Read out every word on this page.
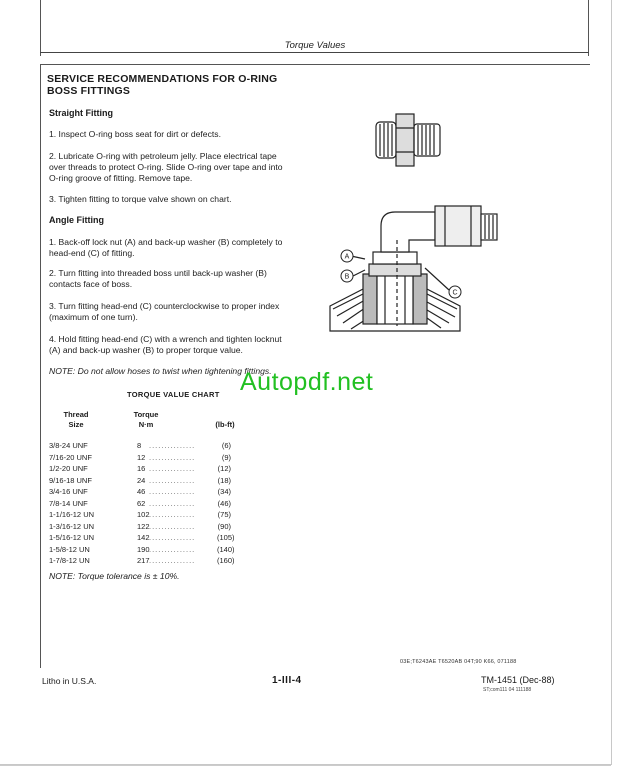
Torque Values
SERVICE RECOMMENDATIONS FOR O-RING BOSS FITTINGS
Straight Fitting
1. Inspect O-ring boss seat for dirt or defects.
2. Lubricate O-ring with petroleum jelly. Place electrical tape over threads to protect O-ring. Slide O-ring over tape and into O-ring groove of fitting. Remove tape.
3. Tighten fitting to torque valve shown on chart.
Angle Fitting
1. Back-off lock nut (A) and back-up washer (B) completely to head-end (C) of fitting.
2. Turn fitting into threaded boss until back-up washer (B) contacts face of boss.
3. Turn fitting head-end (C) counterclockwise to proper index (maximum of one turn).
4. Hold fitting head-end (C) with a wrench and tighten locknut (A) and back-up washer (B) to proper torque value.
NOTE: Do not allow hoses to twist when tightening fittings.
A
B
C
Autopdf.net
TORQUE VALUE CHART
Thread
Size
Torque
N·m	(lb-ft)
3/8-24 UNF	8 ...............	(6)
7/16-20 UNF	12 ...............	(9)
1/2-20 UNF	16 ...............	(12)
9/16-18 UNF	24 ...............	(18)
3/4-16 UNF	46 ...............	(34)
7/8-14 UNF	62 ...............	(46)
1-1/16-12 UN	102 ...............	(75)
1-3/16-12 UN	122 ...............	(90)
1-5/16-12 UN	142 ...............	(105)
1-5/8-12 UN	190 ...............	(140)
1-7/8-12 UN	217 ...............	(160)
NOTE: Torque tolerance is ± 10%.
03E;T6243AE T6520AB 04T;90 K66, 071188
Litho in U.S.A.	1-III-4	TM-1451 (Dec-88)
ST;com111 04 111188
